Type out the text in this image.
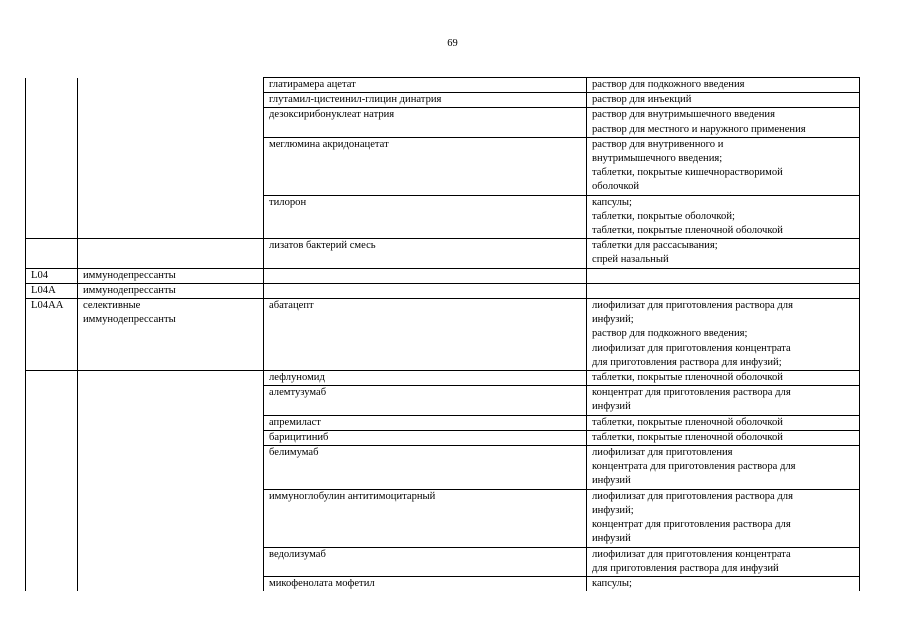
69

		глатирамера ацетат	раствор для подкожного введения

		глутамил-цистеинил-глицин динатрия	раствор для инъекций

		дезоксирибонуклеат натрия	раствор для внутримышечного введения
раствор для местного и наружного применения

		меглюмина акридонацетат	раствор для внутривенного и
внутримышечного введения;
таблетки, покрытые кишечнорастворимой
оболочкой

		тилорон	капсулы;
таблетки, покрытые оболочкой;
таблетки, покрытые пленочной оболочкой

		лизатов бактерий смесь	таблетки для рассасывания;
спрей назальный

L04	иммунодепрессанты		

L04A	иммунодепрессанты		

L04AA	селективные
иммунодепрессанты	абатацепт	лиофилизат для приготовления раствора для
инфузий;
раствор для подкожного введения;
лиофилизат для приготовления концентрата
для приготовления раствора для инфузий;

		лефлуномид	таблетки, покрытые пленочной оболочкой

		алемтузумаб	концентрат для приготовления раствора для
инфузий

		апремиласт	таблетки, покрытые пленочной оболочкой

		барицитиниб	таблетки, покрытые пленочной оболочкой

		белимумаб	лиофилизат для приготовления
концентрата для приготовления раствора для
инфузий

		иммуноглобулин антитимоцитарный	лиофилизат для приготовления раствора для
инфузий;
концентрат для приготовления раствора для
инфузий

		ведолизумаб	лиофилизат для приготовления концентрата
для приготовления раствора для инфузий

		микофенолата мофетил	капсулы;
